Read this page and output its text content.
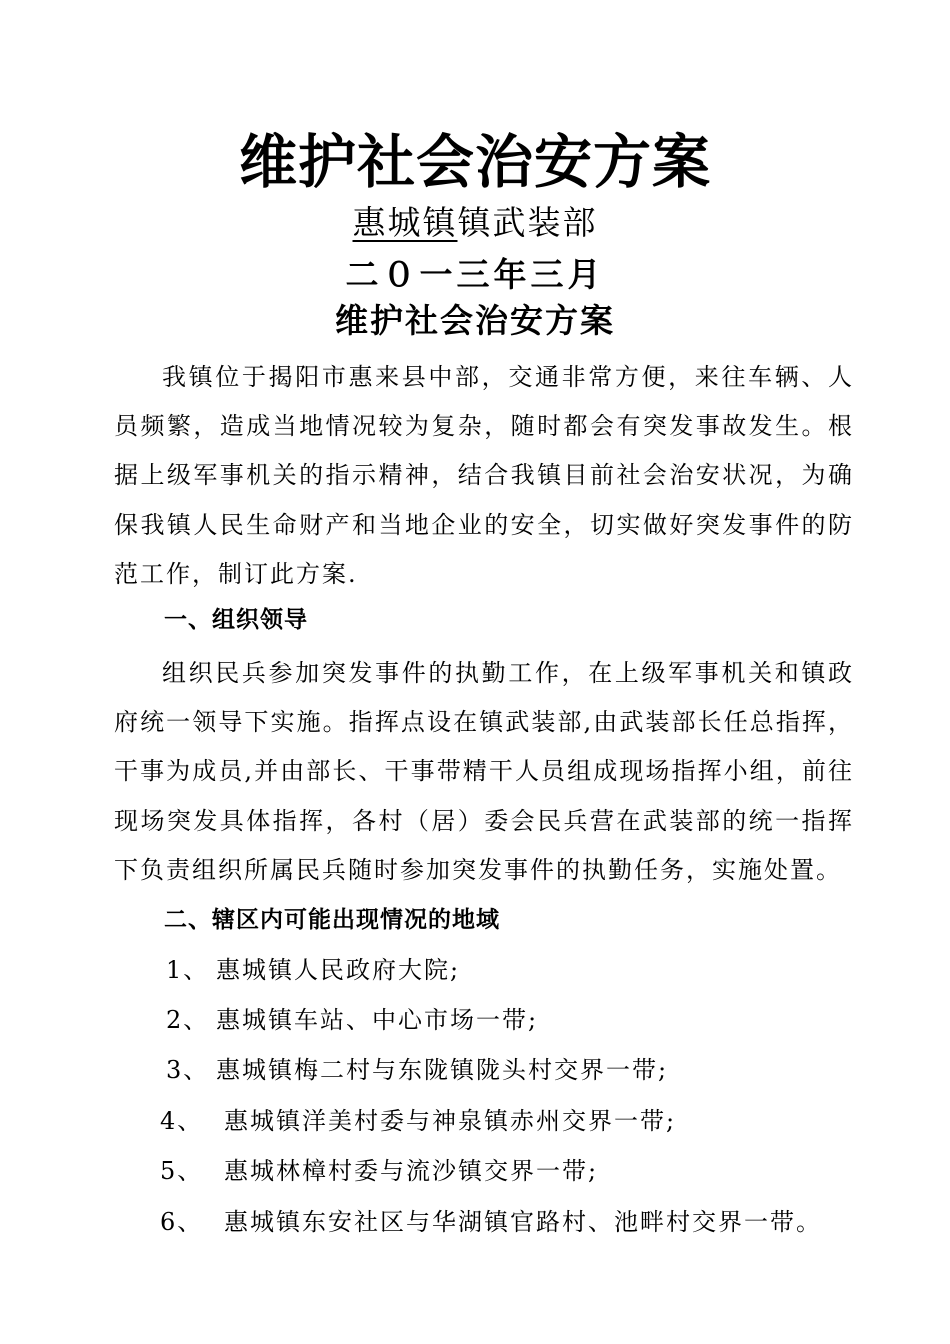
维护社会治安方案
惠城镇镇武装部
二０一三年三月
维护社会治安方案

我镇位于揭阳市惠来县中部，交通非常方便，来往车辆、人员频繁，造成当地情况较为复杂，随时都会有突发事故发生。根据上级军事机关的指示精神，结合我镇目前社会治安状况，为确保我镇人民生命财产和当地企业的安全，切实做好突发事件的防范工作，制订此方案.

一、组织领导

组织民兵参加突发事件的执勤工作，在上级军事机关和镇政府统一领导下实施。指挥点设在镇武装部,由武装部长任总指挥，干事为成员,并由部长、干事带精干人员组成现场指挥小组，前往现场突发具体指挥，各村（居）委会民兵营在武装部的统一指挥下负责组织所属民兵随时参加突发事件的执勤任务，实施处置。

二、辖区内可能出现情况的地域

1、 惠城镇人民政府大院;

2、 惠城镇车站、中心市场一带;

3、 惠城镇梅二村与东陇镇陇头村交界一带;

4、 惠城镇洋美村委与神泉镇赤州交界一带;

5、 惠城林樟村委与流沙镇交界一带;

6、 惠城镇东安社区与华湖镇官路村、池畔村交界一带。
